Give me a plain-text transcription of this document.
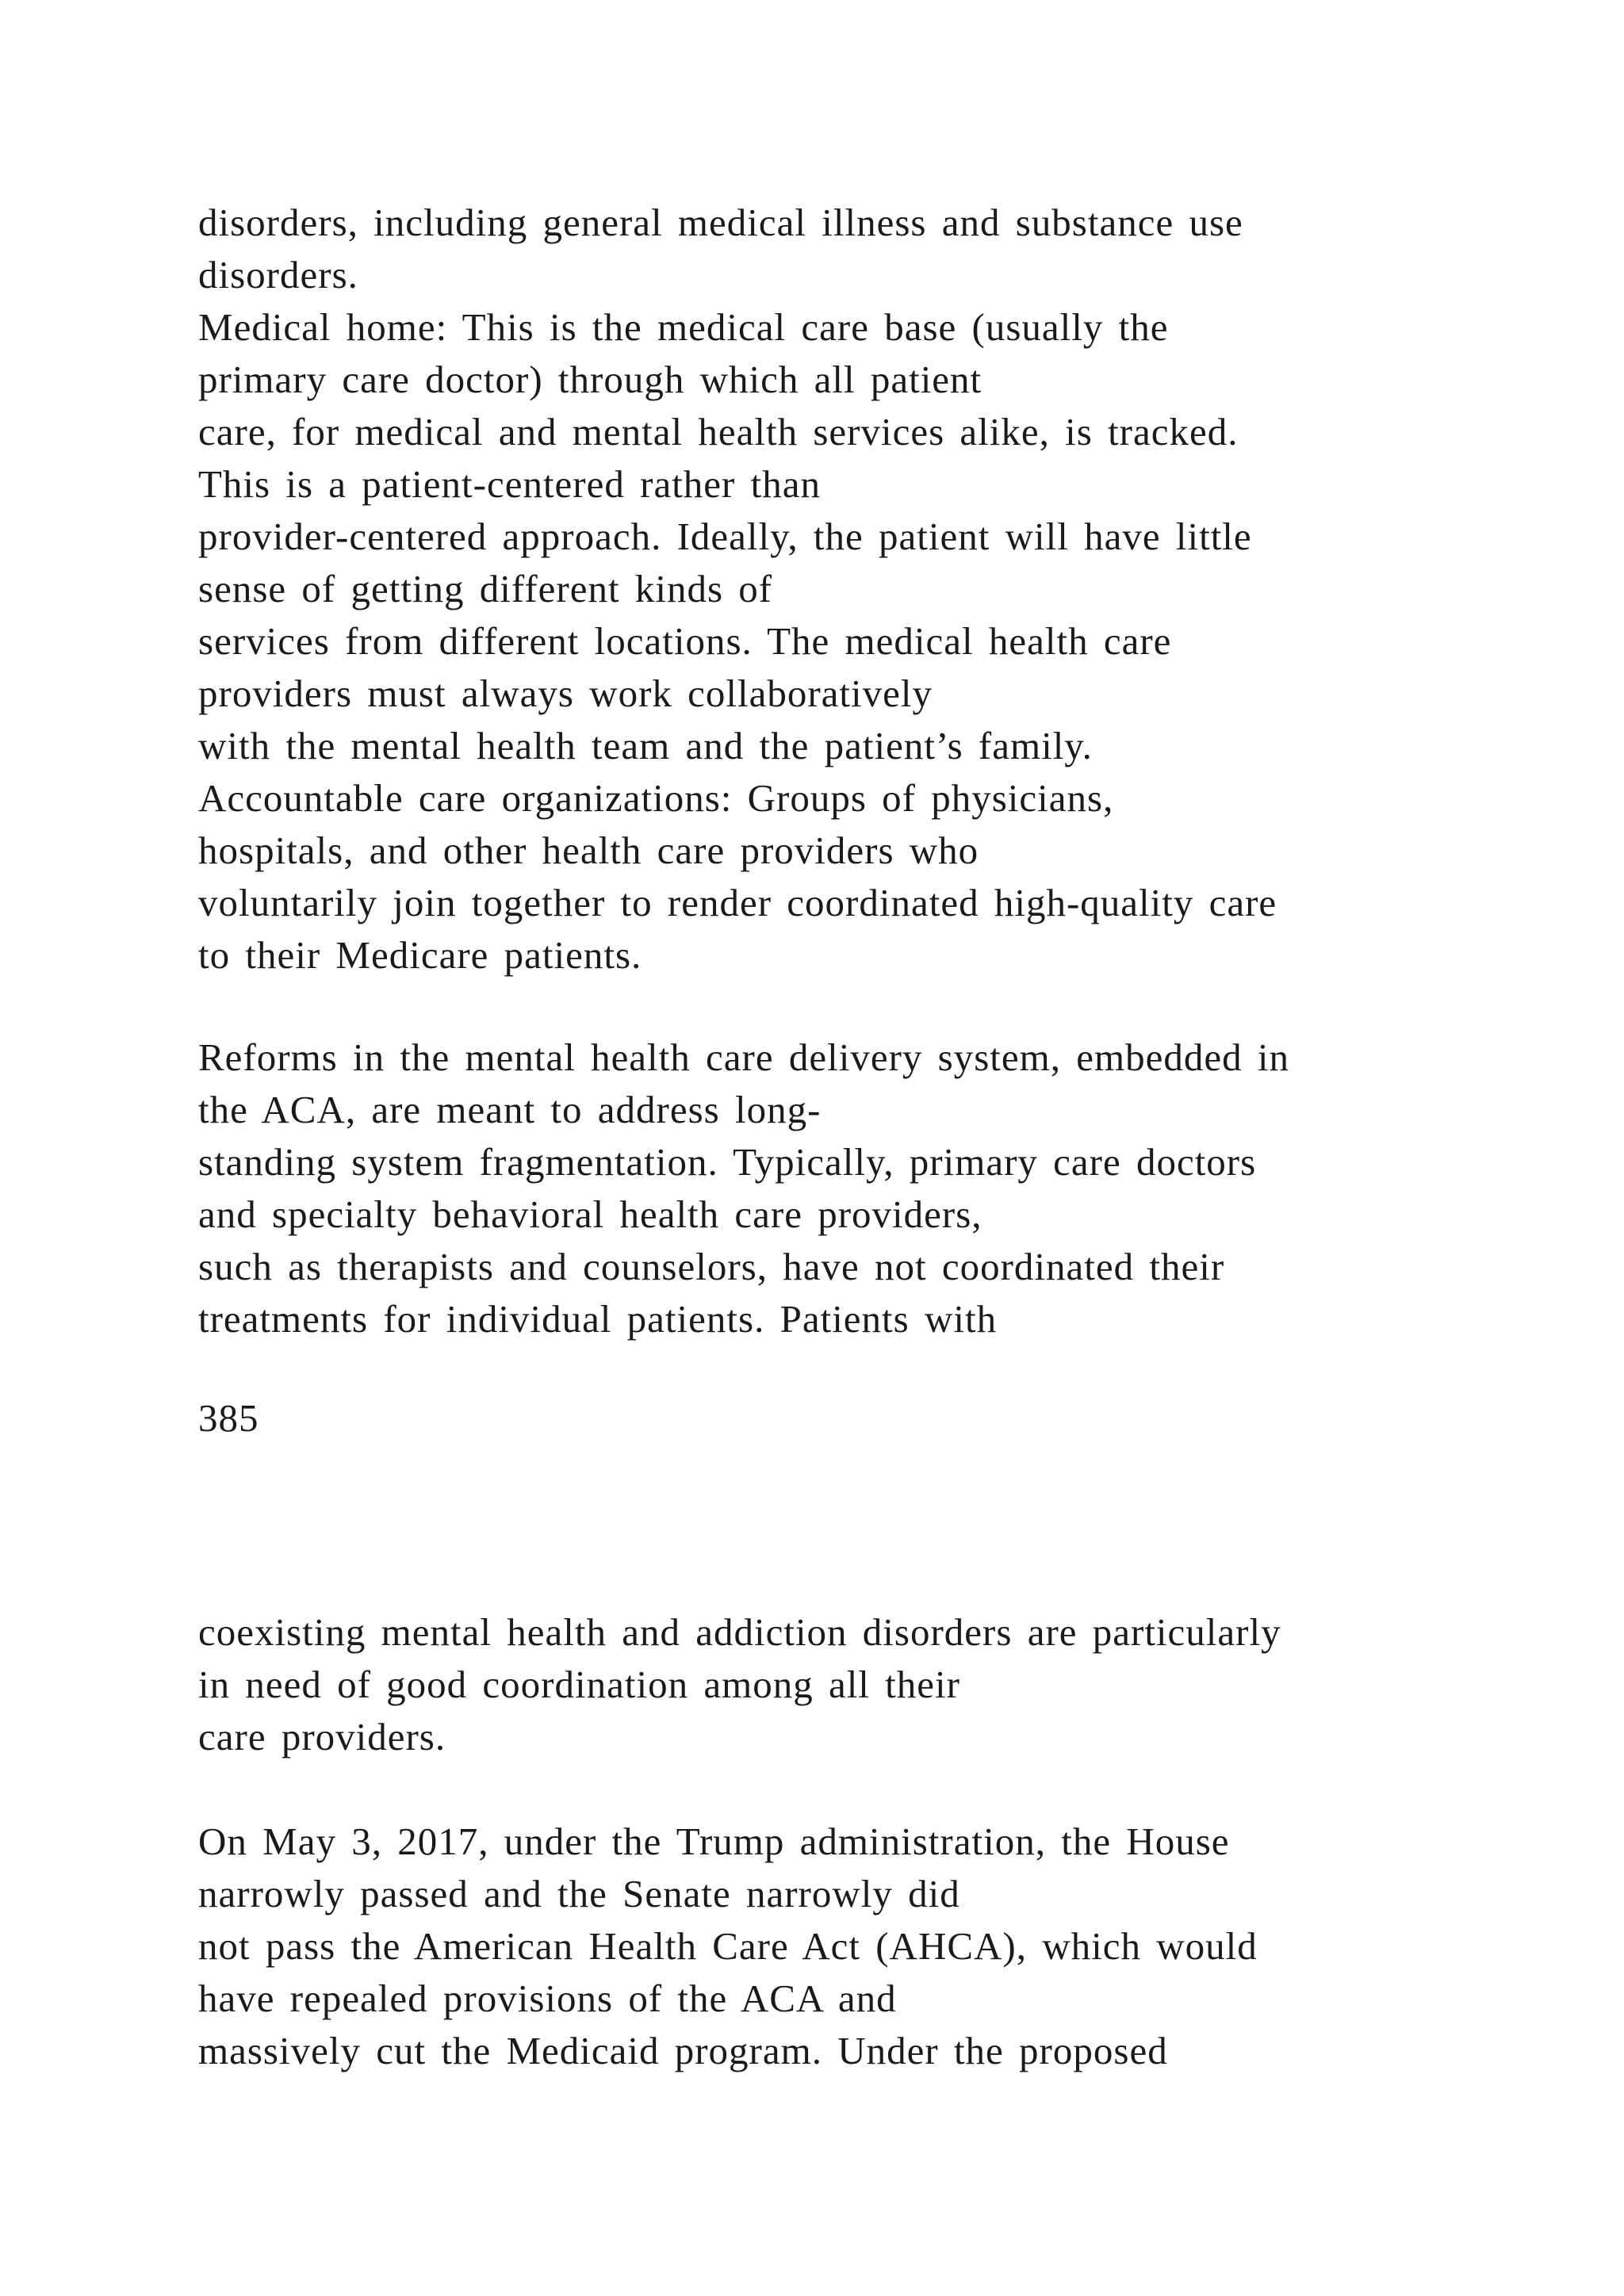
disorders, including general medical illness and substance use
disorders.
Medical home: This is the medical care base (usually the
primary care doctor) through which all patient
care, for medical and mental health services alike, is tracked.
This is a patient-centered rather than
provider-centered approach. Ideally, the patient will have little
sense of getting different kinds of
services from different locations. The medical health care
providers must always work collaboratively
with the mental health team and the patient’s family.
Accountable care organizations: Groups of physicians,
hospitals, and other health care providers who
voluntarily join together to render coordinated high-quality care
to their Medicare patients.
Reforms in the mental health care delivery system, embedded in
the ACA, are meant to address long-
standing system fragmentation. Typically, primary care doctors
and specialty behavioral health care providers,
such as therapists and counselors, have not coordinated their
treatments for individual patients. Patients with
385
coexisting mental health and addiction disorders are particularly
in need of good coordination among all their
care providers.
On May 3, 2017, under the Trump administration, the House
narrowly passed and the Senate narrowly did
not pass the American Health Care Act (AHCA), which would
have repealed provisions of the ACA and
massively cut the Medicaid program. Under the proposed
